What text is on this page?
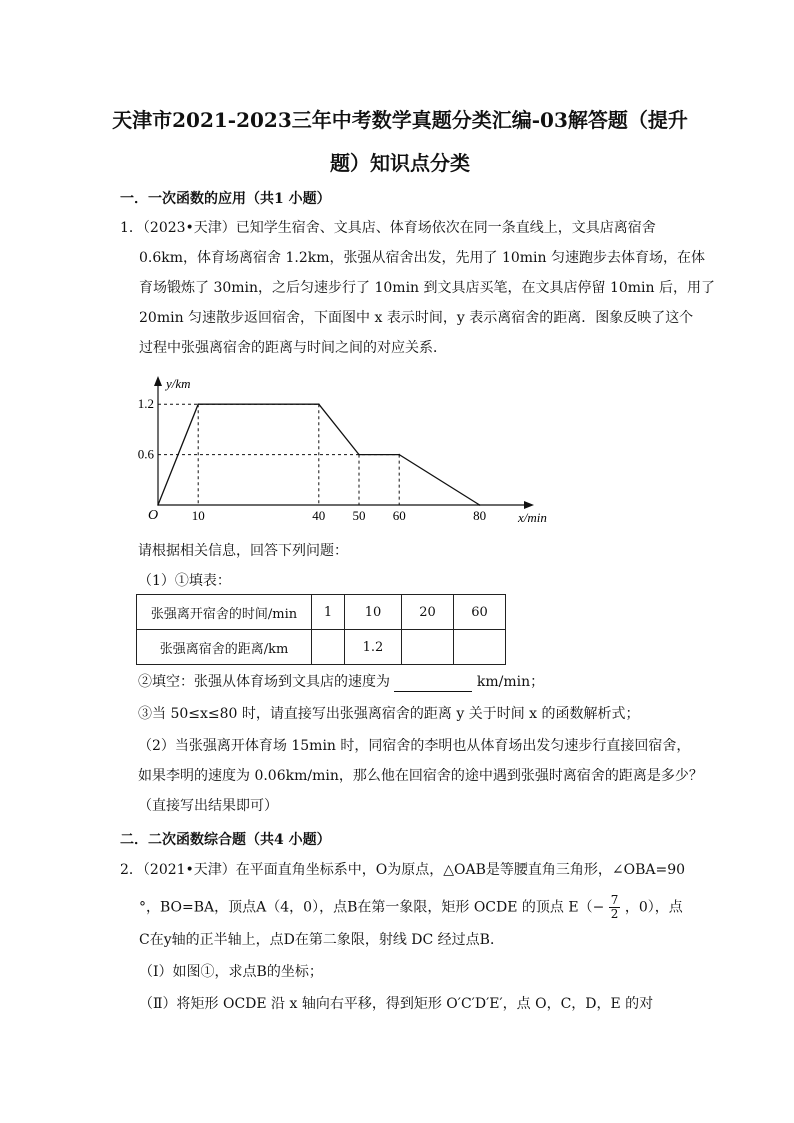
天津市2021-2023三年中考数学真题分类汇编-03解答题（提升
题）知识点分类
一．一次函数的应用（共1 小题）
1．（2023•天津）已知学生宿舍、文具店、体育场依次在同一条直线上，文具店离宿舍
0.6km，体育场离宿舍 1.2km，张强从宿舍出发，先用了 10min 匀速跑步去体育场，在体
育场锻炼了 30min，之后匀速步行了 10min 到文具店买笔，在文具店停留 10min 后，用了
20min 匀速散步返回宿舍，下面图中 x 表示时间，y 表示离宿舍的距离．图象反映了这个
过程中张强离宿舍的距离与时间之间的对应关系．
y/km
x/min
O	10	40 50 60	80
0.6
1.2
请根据相关信息，回答下列问题：
（1）①填表：
张强离开宿舍的时间/min	1	10	20	60
张强离宿舍的距离/km		1.2		
②填空：张强从体育场到文具店的速度为	km/min；
③当 50≤x≤80 时，请直接写出张强离宿舍的距离 y 关于时间 x 的函数解析式；
（2）当张强离开体育场 15min 时，同宿舍的李明也从体育场出发匀速步行直接回宿舍，
如果李明的速度为 0.06km/min，那么他在回宿舍的途中遇到张强时离宿舍的距离是多少？
（直接写出结果即可）
二．二次函数综合题（共4 小题）
2．（2021•天津）在平面直角坐标系中，O为原点，△OAB是等腰直角三角形，∠OBA=90
°，BO=BA，顶点A（4，0），点B在第一象限，矩形 OCDE 的顶点 $E(- \frac{7}{2}$ ，0），点
C在y轴的正半轴上，点D在第二象限，射线 DC 经过点B．
（Ⅰ）如图①，求点B的坐标；
（Ⅱ）将矩形 OCDE 沿 x 轴向右平移，得到矩形 O′C′D′E′，点 O，C，D，E 的对
